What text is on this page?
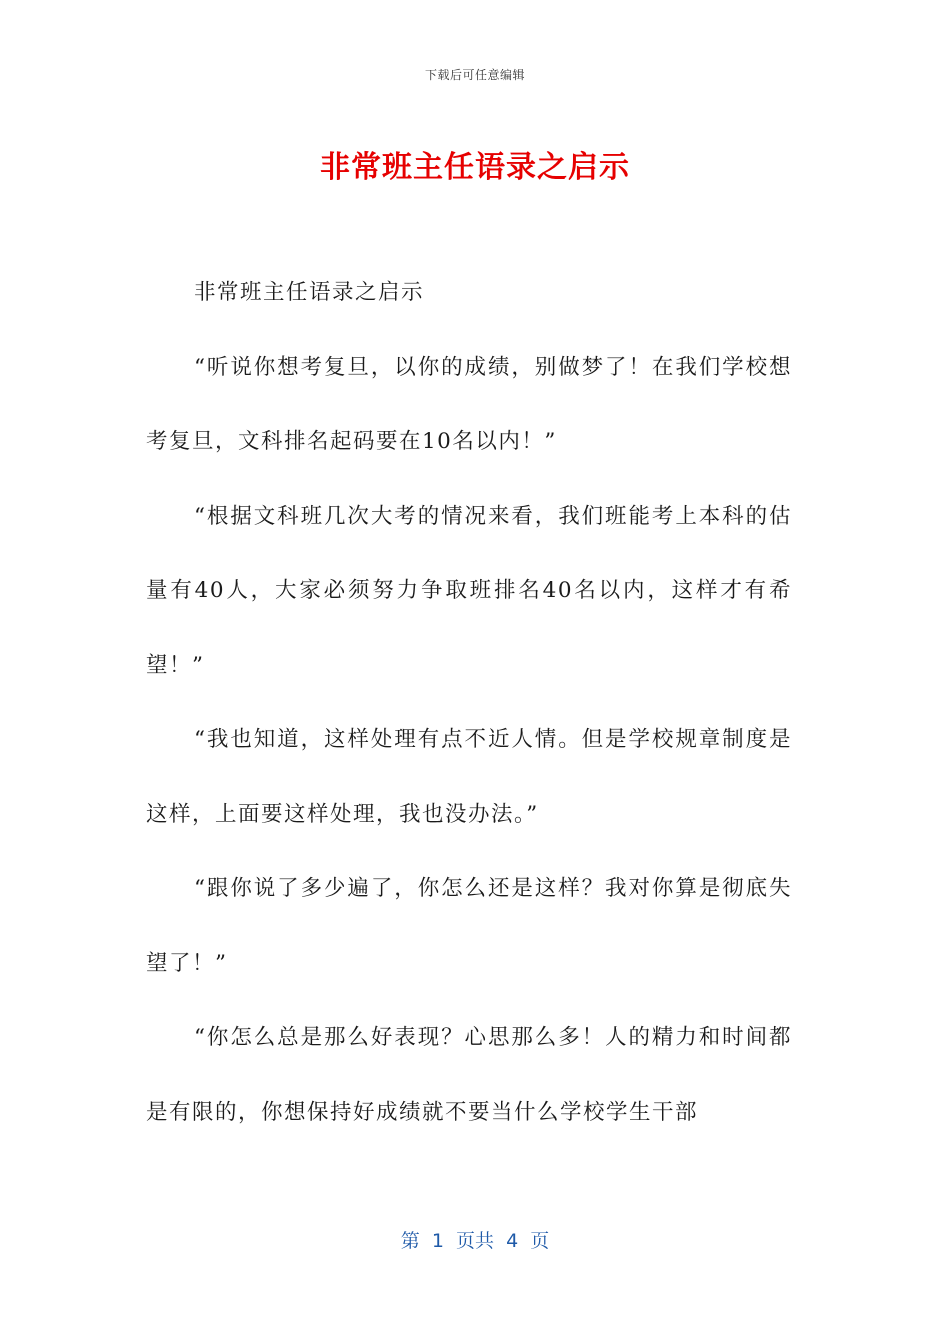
下载后可任意编辑
非常班主任语录之启示

非常班主任语录之启示

“听说你想考复旦，以你的成绩，别做梦了！在我们学校想考复旦，文科排名起码要在10名以内！”

“根据文科班几次大考的情况来看，我们班能考上本科的估量有40人，大家必须努力争取班排名40名以内，这样才有希望！”

“我也知道，这样处理有点不近人情。但是学校规章制度是这样，上面要这样处理，我也没办法。”

“跟你说了多少遍了，你怎么还是这样？我对你算是彻底失望了！”

“你怎么总是那么好表现？心思那么多！人的精力和时间都是有限的，你想保持好成绩就不要当什么学校学生干部

第  1  页共  4  页
